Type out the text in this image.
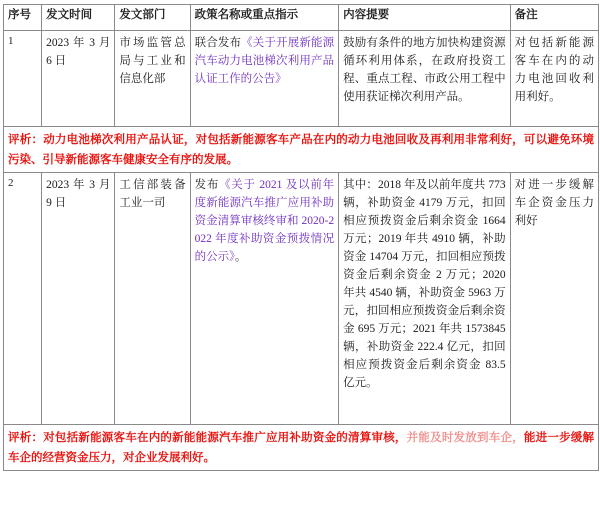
序号	发文时间	发文部门	政策名称或重点指示	内容提要	备注
1	2023 年 3 月 6 日	市场监管总局与工业和信息化部	联合发布《关于开展新能源汽车动力电池梯次利用产品认证工作的公告》	鼓励有条件的地方加快构建资源循环利用体系，在政府投资工程、重点工程、市政公用工程中使用获证梯次利用产品。	对包括新能源客车在内的动力电池回收利用利好。

评析：动力电池梯次利用产品认证，对包括新能源客车产品在内的动力电池回收及再利用非常利好，可以避免环境污染、引导新能源客车健康安全有序的发展。					

2	2023 年 3 月 9 日	工信部装备工业一司	发布《关于 2021 及以前年度新能源汽车推广应用补助资金清算审核终审和 2020-2022 年度补助资金预拨情况的公示》。	其中：2018 年及以前年度共 773 辆，补助资金 4179 万元，扣回相应预拨资金后剩余资金 1664 万元；2019 年共 4910 辆，补助资金 14704 万元，扣回相应预拨资金后剩余资金 2 万元；2020 年共 4540 辆，补助资金 5963 万元，扣回相应预拨资金后剩余资金 695 万元；2021 年共 1573845 辆，补助资金 222.4 亿元，扣回相应预拨资金后剩余资金 83.5 亿元。	对进一步缓解车企资金压力利好

评析：对包括新能源客车在内的新能能源汽车推广应用补助资金的清算审核，并能及时发放到车企，能进一步缓解车企的经营资金压力，对企业发展利好。					
